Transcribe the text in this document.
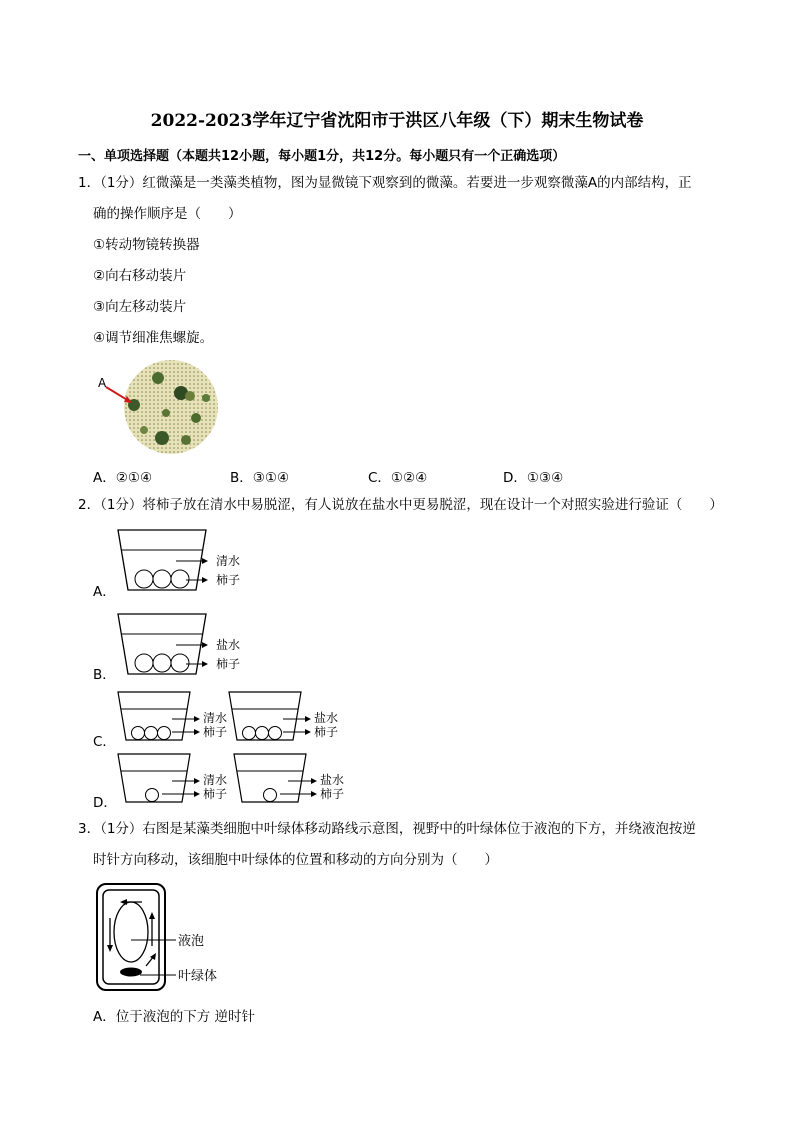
2022-2023学年辽宁省沈阳市于洪区八年级（下）期末生物试卷
一、单项选择题（本题共12小题，每小题1分，共12分。每小题只有一个正确选项）
1．（1分）红微藻是一类藻类植物，图为显微镜下观察到的微藻。若要进一步观察微藻A的内部结构，正
确的操作顺序是（　　）
①转动物镜转换器
②向右移动装片
③向左移动装片
④调节细准焦螺旋。
A
A．②①④	B．③①④	C．①②④	D．①③④
2．（1分）将柿子放在清水中易脱涩，有人说放在盐水中更易脱涩，现在设计一个对照实验进行验证（　　）
A．
清水
柿子
B．
盐水
柿子
C．
清水
柿子
盐水
柿子
D．
清水
柿子
盐水
柿子
3．（1分）右图是某藻类细胞中叶绿体移动路线示意图，视野中的叶绿体位于液泡的下方，并绕液泡按逆
时针方向移动，该细胞中叶绿体的位置和移动的方向分别为（　　）
液泡
叶绿体
A．位于液泡的下方 逆时针
